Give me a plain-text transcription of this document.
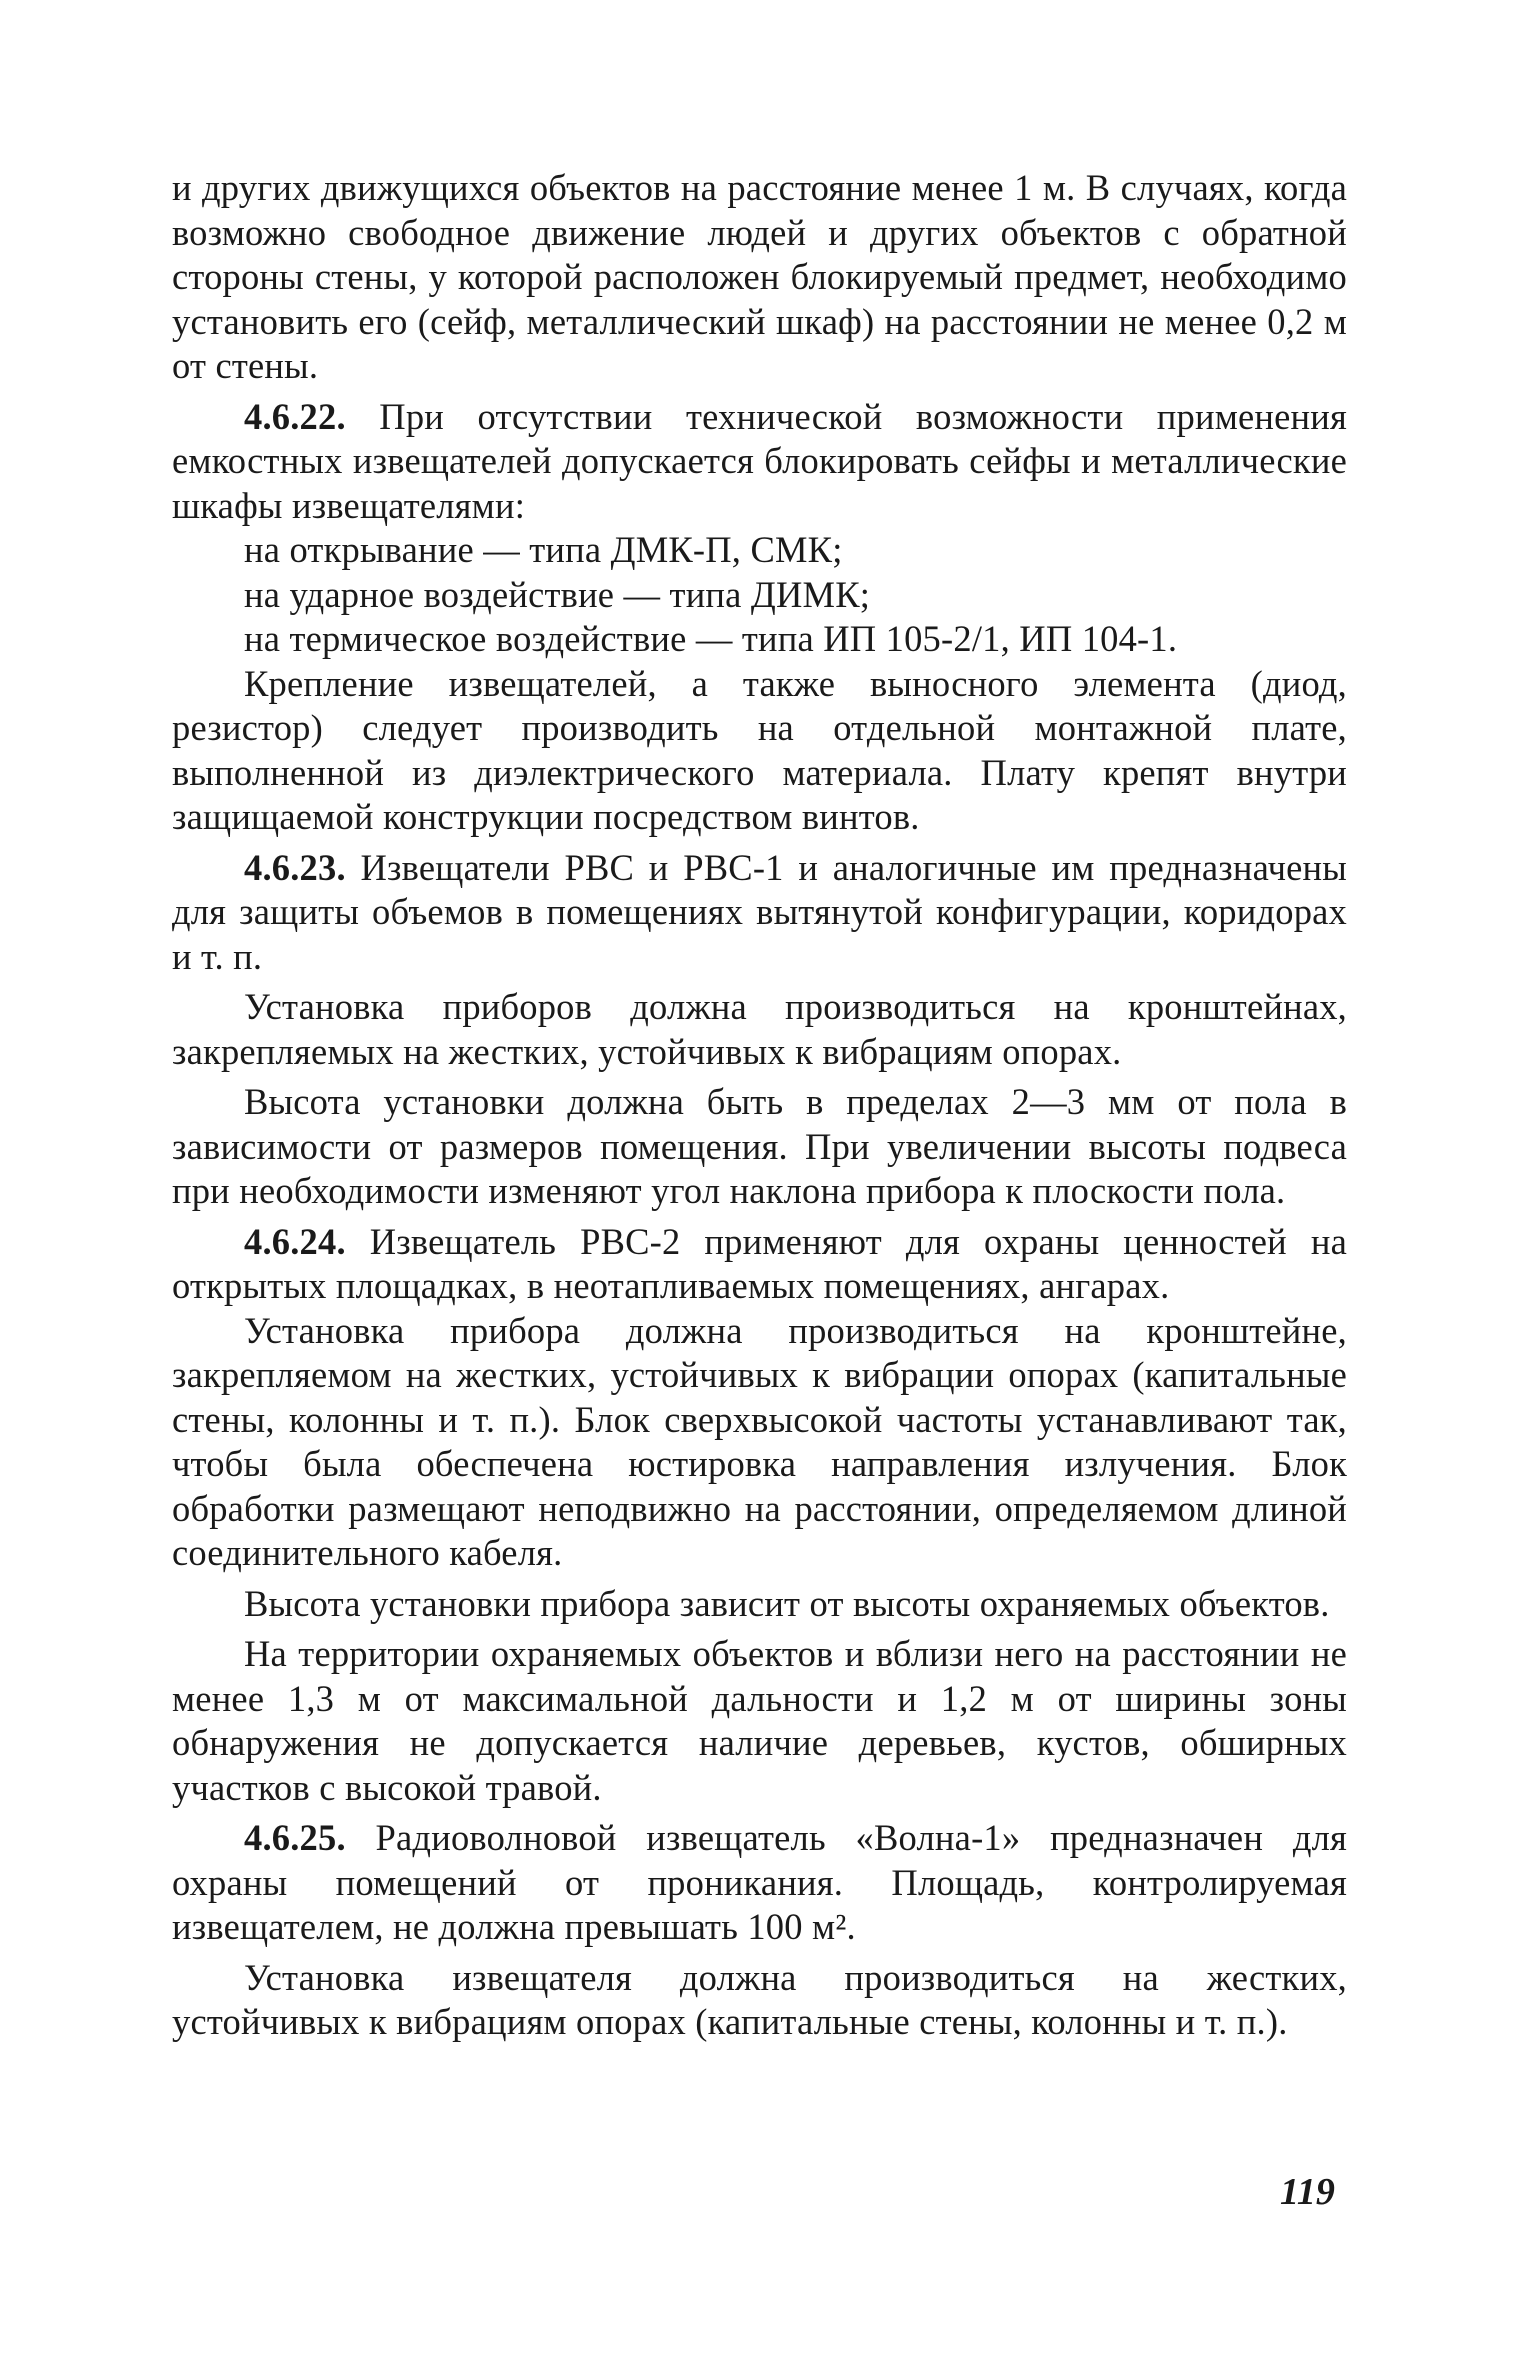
и других движущихся объектов на расстояние менее 1 м. В случаях, когда возможно свободное движение людей и других объектов с обратной стороны стены, у которой расположен блокируемый предмет, необходимо установить его (сейф, металлический шкаф) на расстоянии не менее 0,2 м от стены.

4.6.22. При отсутствии технической возможности применения емкостных извещателей допускается блокировать сейфы и металлические шкафы извещателями:

на открывание — типа ДМК-П, СМК;

на ударное воздействие — типа ДИМК;

на термическое воздействие — типа ИП 105-2/1, ИП 104-1.

Крепление извещателей, а также выносного элемента (диод, резистор) следует производить на отдельной монтажной плате, выполненной из диэлектрического материала. Плату крепят внутри защищаемой конструкции посредством винтов.

4.6.23. Извещатели РВС и РВС-1 и аналогичные им предназначены для защиты объемов в помещениях вытянутой конфигурации, коридорах и т. п.

Установка приборов должна производиться на кронштейнах, закрепляемых на жестких, устойчивых к вибрациям опорах.

Высота установки должна быть в пределах 2—3 мм от пола в зависимости от размеров помещения. При увеличении высоты подвеса при необходимости изменяют угол наклона прибора к плоскости пола.

4.6.24. Извещатель РВС-2 применяют для охраны ценностей на открытых площадках, в неотапливаемых помещениях, ангарах.

Установка прибора должна производиться на кронштейне, закрепляемом на жестких, устойчивых к вибрации опорах (капитальные стены, колонны и т. п.). Блок сверхвысокой частоты устанавливают так, чтобы была обеспечена юстировка направления излучения. Блок обработки размещают неподвижно на расстоянии, определяемом длиной соединительного кабеля.

Высота установки прибора зависит от высоты охраняемых объектов.

На территории охраняемых объектов и вблизи него на расстоянии не менее 1,3 м от максимальной дальности и 1,2 м от ширины зоны обнаружения не допускается наличие деревьев, кустов, обширных участков с высокой травой.

4.6.25. Радиоволновой извещатель «Волна-1» предназначен для охраны помещений от проникания. Площадь, контролируемая извещателем, не должна превышать 100 м².

Установка извещателя должна производиться на жестких, устойчивых к вибрациям опорах (капитальные стены, колонны и т. п.).

119
